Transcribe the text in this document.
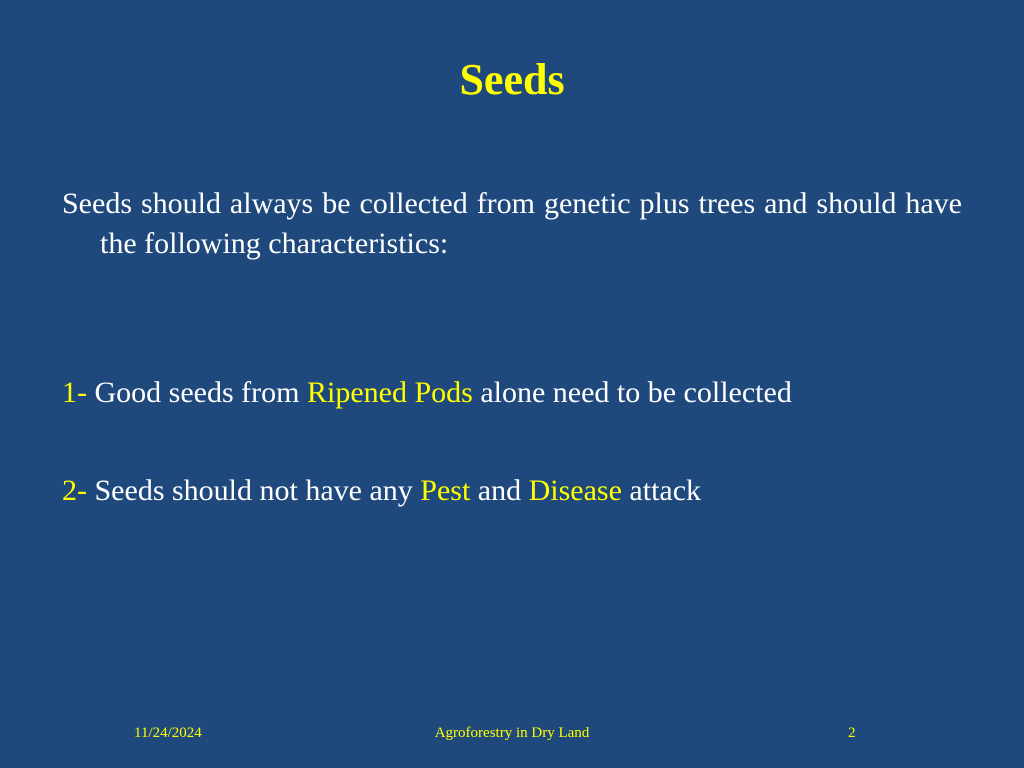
Seeds
Seeds should always be collected from genetic plus trees and should have the following characteristics:
1- Good seeds from Ripened Pods alone need to be collected
2- Seeds should not have any Pest and Disease attack
11/24/2024	Agroforestry in Dry Land	2
